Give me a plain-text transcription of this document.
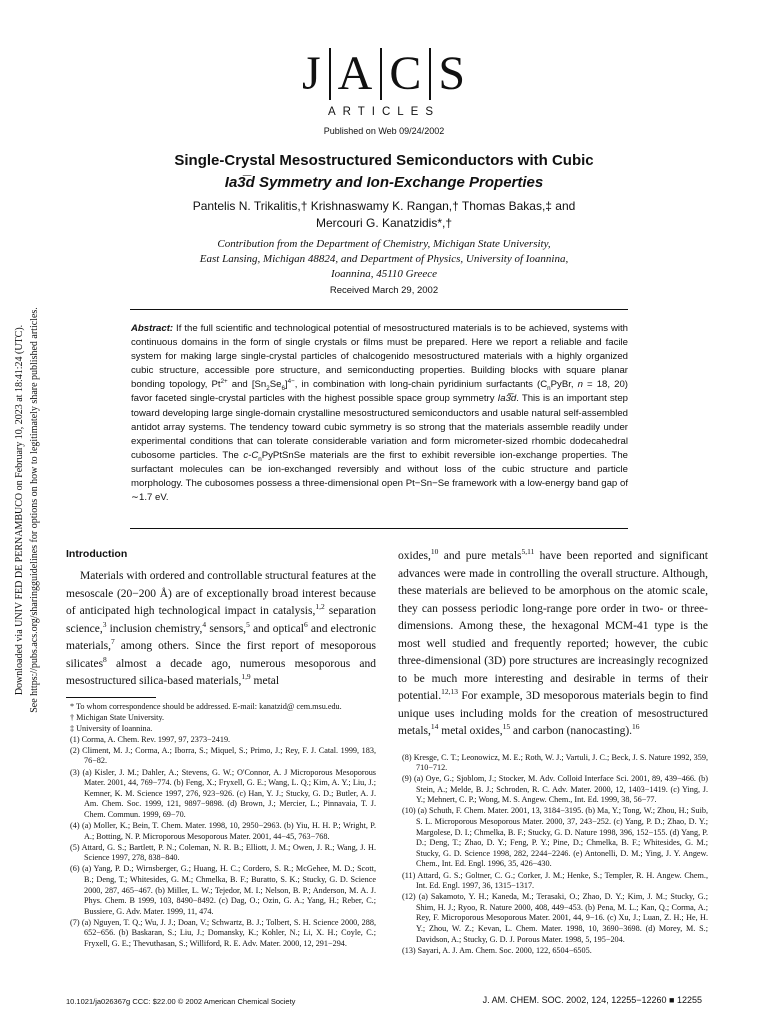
Downloaded via UNIV FED DE PERNAMBUCO on February 10, 2023 at 18:41:24 (UTC). See https://pubs.acs.org/sharingguidelines for options on how to legitimately share published articles.
J A C S
ARTICLES
Published on Web 09/24/2002
Single-Crystal Mesostructured Semiconductors with Cubic
Ia3̅d Symmetry and Ion-Exchange Properties
Pantelis N. Trikalitis,† Krishnaswamy K. Rangan,† Thomas Bakas,‡ and
Mercouri G. Kanatzidis*,†
Contribution from the Department of Chemistry, Michigan State University,
East Lansing, Michigan 48824, and Department of Physics, University of Ioannina,
Ioannina, 45110 Greece
Received March 29, 2002

Abstract: If the full scientific and technological potential of mesostructured materials is to be achieved, systems with continuous domains in the form of single crystals or films must be prepared. Here we report a reliable and facile system for making large single-crystal particles of chalcogenido mesostructured materials with a highly organized cubic structure, accessible pore structure, and semiconducting properties. Building blocks with square planar bonding topology, $Pt^{2+}$ and $[Sn_2Se_6]^{4-}$, in combination with long-chain pyridinium surfactants ($C_nPyBr$, n = 18, 20) favor faceted single-crystal particles with the highest possible space group symmetry Ia3̅d. This is an important step toward developing large single-domain crystalline mesostructured semiconductors and usable natural self-assembled antidot array systems. The tendency toward cubic symmetry is so strong that the materials assemble readily under experimental conditions that can tolerate considerable variation and form micrometer-sized rhombic dodecahedral cubosome particles. The $c-C_nPyPtSnSe$ materials are the first to exhibit reversible ion-exchange properties. The surfactant molecules can be ion-exchanged reversibly and without loss of the cubic structure and particle morphology. The cubosomes possess a three-dimensional open Pt−Sn−Se framework with a low-energy band gap of ∼1.7 eV.

Introduction

Materials with ordered and controllable structural features at the mesoscale (20−200 Å) are of exceptionally broad interest because of anticipated high technological impact in catalysis,$^{1,2}$ separation science,$^3$ inclusion chemistry,$^4$ sensors,$^5$ and optical$^6$ and electronic materials,$^7$ among others. Since the first report of mesoporous silicates$^8$ almost a decade ago, numerous mesoporous and mesostructured silica-based materials,$^{1,9}$ metal

* To whom correspondence should be addressed. E-mail: kanatzid@ cem.msu.edu.

† Michigan State University.

‡ University of Ioannina.

(1) Corma, A. Chem. Rev. 1997, 97, 2373−2419.

(2) Climent, M. J.; Corma, A.; Iborra, S.; Miquel, S.; Primo, J.; Rey, F. J. Catal. 1999, 183, 76−82.

(3) (a) Kisler, J. M.; Dahler, A.; Stevens, G. W.; O'Connor, A. J Microporous Mesoporous Mater. 2001, 44, 769−774. (b) Feng, X.; Fryxell, G. E.; Wang, L. Q.; Kim, A. Y.; Liu, J.; Kemner, K. M. Science 1997, 276, 923−926. (c) Han, Y. J.; Stucky, G. D.; Butler, A. J. Am. Chem. Soc. 1999, 121, 9897−9898. (d) Brown, J.; Mercier, L.; Pinnavaia, T. J. Chem. Commun. 1999, 69−70.

(4) (a) Moller, K.; Bein, T. Chem. Mater. 1998, 10, 2950−2963. (b) Yiu, H. H. P.; Wright, P. A.; Botting, N. P. Microporous Mesoporous Mater. 2001, 44−45, 763−768.

(5) Attard, G. S.; Bartlett, P. N.; Coleman, N. R. B.; Elliott, J. M.; Owen, J. R.; Wang, J. H. Science 1997, 278, 838−840.

(6) (a) Yang, P. D.; Wirnsberger, G.; Huang, H. C.; Cordero, S. R.; McGehee, M. D.; Scott, B.; Deng, T.; Whitesides, G. M.; Chmelka, B. F.; Buratto, S. K.; Stucky, G. D. Science 2000, 287, 465−467. (b) Miller, L. W.; Tejedor, M. I.; Nelson, B. P.; Anderson, M. A. J. Phys. Chem. B 1999, 103, 8490−8492. (c) Dag, O.; Ozin, G. A.; Yang, H.; Reber, C.; Bussiere, G. Adv. Mater. 1999, 11, 474.

(7) (a) Nguyen, T. Q.; Wu, J. J.; Doan, V.; Schwartz, B. J.; Tolbert, S. H. Science 2000, 288, 652−656. (b) Baskaran, S.; Liu, J.; Domansky, K.; Kohler, N.; Li, X. H.; Coyle, C.; Fryxell, G. E.; Thevuthasan, S.; Williford, R. E. Adv. Mater. 2000, 12, 291−294.

oxides,$^{10}$ and pure metals$^{5,11}$ have been reported and significant advances were made in controlling the overall structure. Although, these materials are believed to be amorphous on the atomic scale, they can possess periodic long-range pore order in two- or three-dimensions. Among these, the hexagonal MCM-41 type is the most well studied and frequently reported; however, the cubic three-dimensional (3D) pore structures are increasingly recognized to be much more interesting and desirable in terms of their potential.$^{12,13}$ For example, 3D mesoporous materials begin to find unique uses including molds for the creation of mesostructured metals,$^{14}$ metal oxides,$^{15}$ and carbon (nanocasting).$^{16}$

(8) Kresge, C. T.; Leonowicz, M. E.; Roth, W. J.; Vartuli, J. C.; Beck, J. S. Nature 1992, 359, 710−712.

(9) (a) Oye, G.; Sjoblom, J.; Stocker, M. Adv. Colloid Interface Sci. 2001, 89, 439−466. (b) Stein, A.; Melde, B. J.; Schroden, R. C. Adv. Mater. 2000, 12, 1403−1419. (c) Ying, J. Y.; Mehnert, C. P.; Wong, M. S. Angew. Chem., Int. Ed. 1999, 38, 56−77.

(10) (a) Schuth, F. Chem. Mater. 2001, 13, 3184−3195. (b) Ma, Y.; Tong, W.; Zhou, H.; Suib, S. L. Microporous Mesoporous Mater. 2000, 37, 243−252. (c) Yang, P. D.; Zhao, D. Y.; Margolese, D. I.; Chmelka, B. F.; Stucky, G. D. Nature 1998, 396, 152−155. (d) Yang, P. D.; Deng, T.; Zhao, D. Y.; Feng, P. Y.; Pine, D.; Chmelka, B. F.; Whitesides, G. M.; Stucky, G. D. Science 1998, 282, 2244−2246. (e) Antonelli, D. M.; Ying, J. Y. Angew. Chem., Int. Ed. Engl. 1996, 35, 426−430.

(11) Attard, G. S.; Goltner, C. G.; Corker, J. M.; Henke, S.; Templer, R. H. Angew. Chem., Int. Ed. Engl. 1997, 36, 1315−1317.

(12) (a) Sakamoto, Y. H.; Kaneda, M.; Terasaki, O.; Zhao, D. Y.; Kim, J. M.; Stucky, G.; Shim, H. J.; Ryoo, R. Nature 2000, 408, 449−453. (b) Pena, M. L.; Kan, Q.; Corma, A.; Rey, F. Microporous Mesoporous Mater. 2001, 44, 9−16. (c) Xu, J.; Luan, Z. H.; He, H. Y.; Zhou, W. Z.; Kevan, L. Chem. Mater. 1998, 10, 3690−3698. (d) Morey, M. S.; Davidson, A.; Stucky, G. D. J. Porous Mater. 1998, 5, 195−204.

(13) Sayari, A. J. Am. Chem. Soc. 2000, 122, 6504−6505.

10.1021/ja026367g CCC: $22.00 © 2002 American Chemical Society	J. AM. CHEM. SOC. 2002, 124, 12255−12260 ■ 12255
